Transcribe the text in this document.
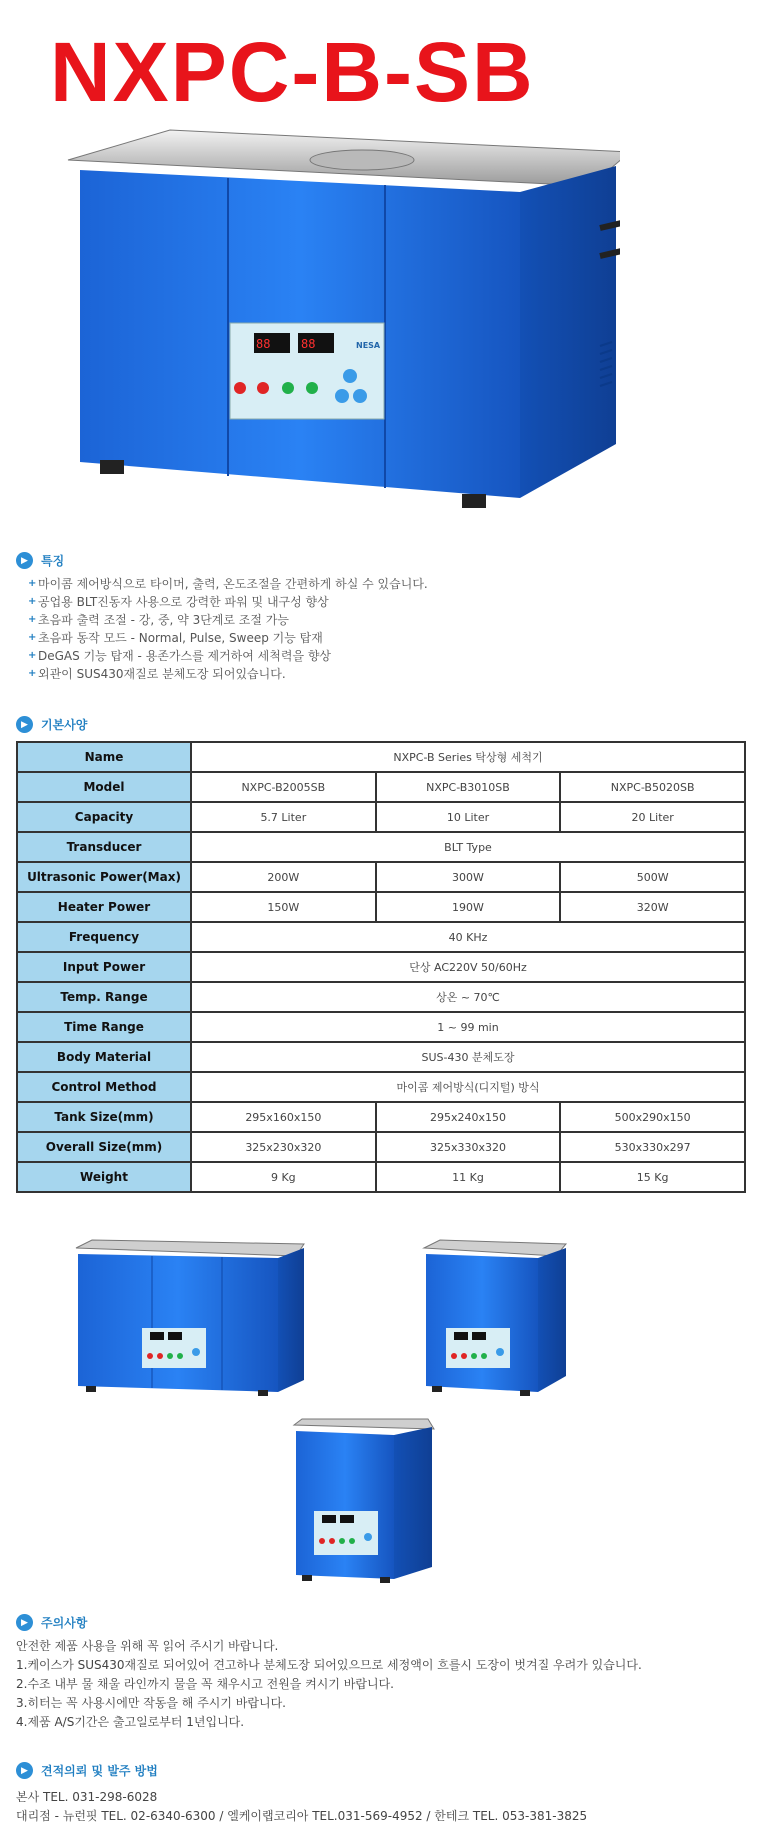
NXPC-B-SB
88	88	NESA
▶	특징
+ 마이콤 제어방식으로 타이머, 출력, 온도조절을 간편하게 하실 수 있습니다.
+ 공업용 BLT진동자 사용으로 강력한 파워 및 내구성 향상
+ 초음파 출력 조절 - 강, 중, 약 3단계로 조절 가능
+ 초음파 동작 모드 - Normal, Pulse, Sweep 기능 탑재
+ DeGAS 기능 탑재 - 용존가스를 제거하여 세척력을 향상
+ 외관이 SUS430재질로 분체도장 되어있습니다.
▶	기본사양
Name	NXPC-B Series 탁상형 세척기		
Model	NXPC-B2005SB	NXPC-B3010SB	NXPC-B5020SB
Capacity	5.7 Liter	10 Liter	20 Liter
Transducer	BLT Type		
Ultrasonic Power(Max)	200W	300W	500W
Heater Power	150W	190W	320W
Frequency	40 KHz		
Input Power	단상 AC220V 50/60Hz		
Temp. Range	상온 ~ 70℃		
Time Range	1 ~ 99 min		
Body Material	SUS-430 분체도장		
Control Method	마이콤 제어방식(디지털) 방식		
Tank Size(mm)	295x160x150	295x240x150	500x290x150
Overall Size(mm)	325x230x320	325x330x320	530x330x297
Weight	9 Kg	11 Kg	15 Kg
▶	주의사항
안전한 제품 사용을 위해 꼭 읽어 주시기 바랍니다.
1.케이스가 SUS430재질로 되어있어 견고하나 분체도장 되어있으므로 세정액이 흐를시 도장이 벗겨질 우려가 있습니다.
2.수조 내부 물 채울 라인까지 물을 꼭 채우시고 전원을 켜시기 바랍니다.
3.히터는 꼭 사용시에만 작동을 해 주시기 바랍니다.
4.제품 A/S기간은 출고일로부터 1년입니다.
▶	견적의뢰 및 발주 방법
본사 TEL. 031-298-6028
대리점 - 뉴런핏 TEL. 02-6340-6300 / 엘케이랩코리아 TEL.031-569-4952 / 한테크 TEL. 053-381-3825
